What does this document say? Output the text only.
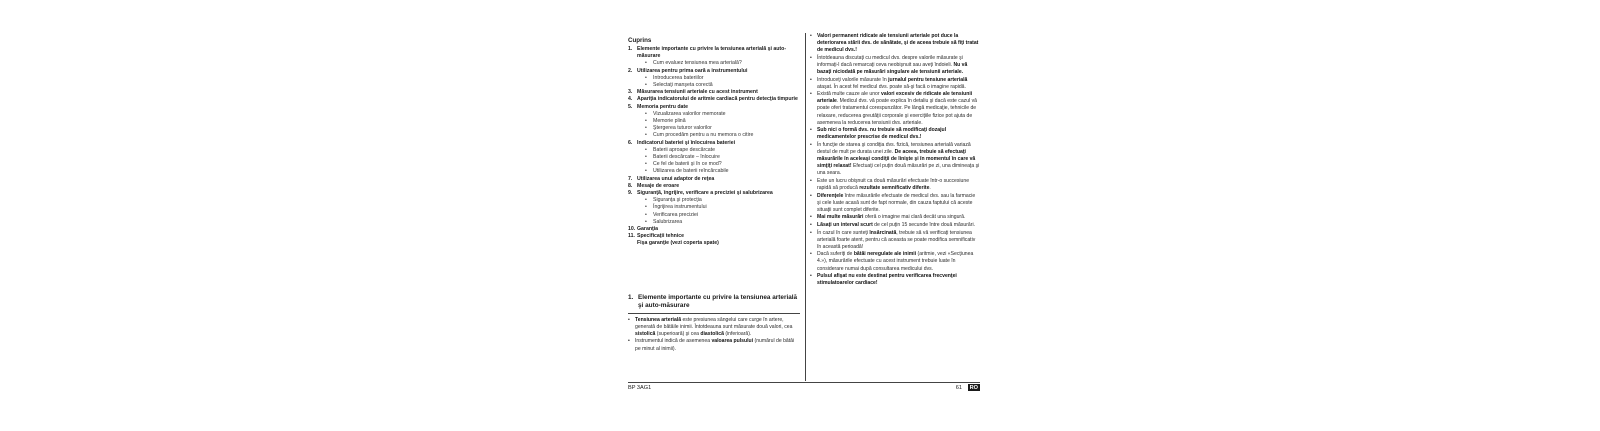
Cuprins
1. Elemente importante cu privire la tensiunea arterială şi auto-măsurare
• Cum evaluez tensiunea mea arterială?
2. Utilizarea pentru prima oară a instrumentului
• Introducerea bateriilor
• Selectaţi manşeta corectă
3. Măsurarea tensiunii arteriale cu acest instrument
4. Apariţia indicatorului de aritmie cardiacă pentru detecţia timpurie
5. Memoria pentru date
• Vizualizarea valorilor memorate
• Memorie plină
• Ştergerea tuturor valorilor
• Cum procedăm pentru a nu memora o citire
6. Indicatorul bateriei şi înlocuirea bateriei
• Baterii aproape descărcate
• Baterii descărcate – înlocuire
• Ce fel de baterii şi în ce mod?
• Utilizarea de baterii reîncărcabile
7. Utilizarea unui adaptor de reţea
8. Mesaje de eroare
9. Siguranţă, îngrijire, verificare a preciziei şi salubrizarea
• Siguranţa şi protecţia
• Îngrijirea instrumentului
• Verificarea preciziei
• Salubrizarea
10. Garanţia
11. Specificaţii tehnice
Fişa garanţie (vezi coperta spate)
1. Elemente importante cu privire la tensiunea arterială şi auto-măsurare
• Tensiunea arterială este presiunea sângelui care curge în artere, generată de bătăile inimii. Întotdeauna sunt măsurate două valori, cea sistolică (superioară) şi cea diastolică (inferioară).
• Instrumentul indică de asemenea valoarea pulsului (numărul de bătăi pe minut al inimii).
• Valori permanent ridicate ale tensiunii arteriale pot duce la deteriorarea stării dvs. de sănătate, şi de aceea trebuie să fiţi tratat de medicul dvs.!
• Întotdeauna discutaţi cu medicul dvs. despre valorile măsurate şi informaţi-l dacă remarcaţi ceva neobişnuit sau aveţi îndoieli. Nu vă bazaţi niciodată pe măsurări singulare ale tensiunii arteriale.
• Introduceţi valorile măsurate în jurnalul pentru tensiune arterială ataşat. În acest fel medicul dvs. poate să-şi facă o imagine rapidă.
• Există multe cauze ale unor valori excesiv de ridicate ale tensiunii arteriale. Medicul dvs. vă poate explica în detaliu şi dacă este cazul vă poate oferi tratamentul corespunzător. Pe lângă medicaţie, tehnicile de relaxare, reducerea greutăţii corporale şi exerciţiile fizice pot ajuta de asemenea la reducerea tensiunii dvs. arteriale.
• Sub nici o formă dvs. nu trebuie să modificaţi dozajul medicamentelor prescrise de medicul dvs.!
• În funcţie de starea şi condiţia dvs. fizică, tensiunea arterială variază destul de mult pe durata unei zile. De aceea, trebuie să efectuaţi măsurările în aceleaşi condiţii de linişte şi în momentul în care vă simţiţi relaxat! Efectuaţi cel puţin două măsurări pe zi, una dimineaţa şi una seara.
• Este un lucru obişnuit ca două măsurări efectuate într-o succesiune rapidă să producă rezultate semnificativ diferite.
• Diferenţele între măsurările efectuate de medicul dvs. sau la farmacie şi cele luate acasă sunt de fapt normale, din cauza faptului că aceste situaţii sunt complet diferite.
• Mai multe măsurări oferă o imagine mai clară decât una singură.
• Lăsaţi un interval scurt de cel puţin 15 secunde între două măsurări.
• În cazul în care sunteţi însărcinată, trebuie să vă verificaţi tensiunea arterială foarte atent, pentru că aceasta se poate modifica semnificativ în această perioadă!
• Dacă suferiţi de bătăi neregulate ale inimii (aritmie, vezi «Secţiunea 4.»), măsurările efectuate cu acest instrument trebuie luate în considerare numai după consultarea medicului dvs.
• Pulsul afişat nu este destinat pentru verificarea frecvenţei stimulatoarelor cardiace!
BP 3AG1	61	RO
